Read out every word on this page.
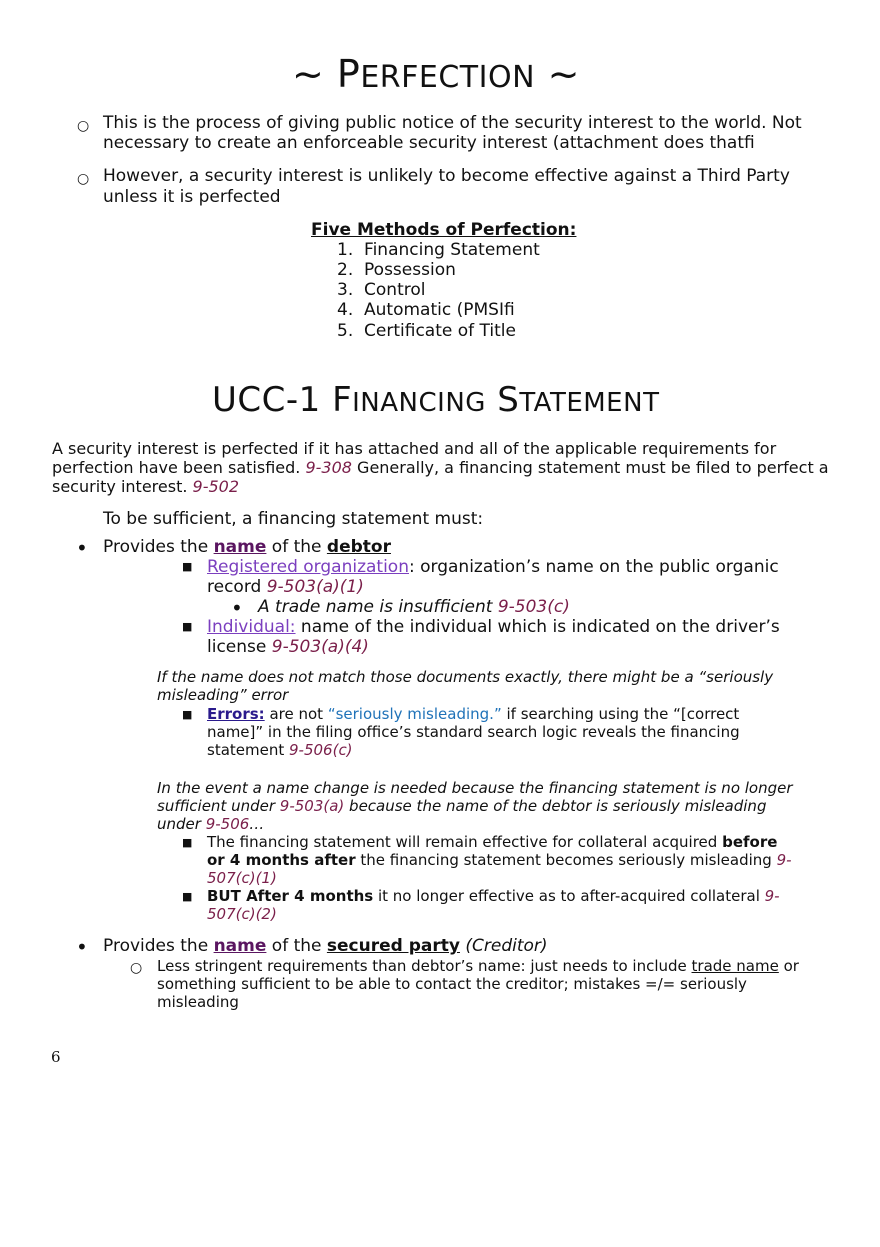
~ PERFECTION ~
○ This is the process of giving public notice of the security interest to the world. Not
necessary to create an enforceable security interest (attachment does thatfi
○ However, a security interest is unlikely to become effective against a Third Party
unless it is perfected
Five Methods of Perfection:
1.  Financing Statement
2.  Possession
3.  Control
4.  Automatic (PMSIfi
5.  Certificate of Title
UCC-1 FINANCING STATEMENT
A security interest is perfected if it has attached and all of the applicable requirements for
perfection have been satisfied. 9-308 Generally, a financing statement must be filed to perfect a
security interest. 9-502
To be sufﬁcient, a financing statement must:
• Provides the name of the debtor
■ Registered organization: organization’s name on the public organic
record 9-503(a)(1)
• A trade name is insufﬁcient 9-503(c)
■ Individual: name of the individual which is indicated on the driver’s
license 9-503(a)(4)
If the name does not match those documents exactly, there might be a “seriously
misleading” error
■ Errors: are not “seriously misleading.” if searching using the “[correct
name]” in the filing ofﬁce’s standard search logic reveals the financing
statement 9-506(c)
In the event a name change is needed because the financing statement is no longer
sufﬁcient under 9-503(a) because the name of the debtor is seriously misleading
under 9-506…
■ The financing statement will remain effective for collateral acquired before
or 4 months after the financing statement becomes seriously misleading 9-
507(c)(1)
■ BUT After 4 months it no longer effective as to after-acquired collateral 9-
507(c)(2)
• Provides the name of the secured party (Creditor)
○ Less stringent requirements than debtor’s name: just needs to include trade name or
something sufﬁcient to be able to contact the creditor; mistakes =/= seriously
misleading
6
